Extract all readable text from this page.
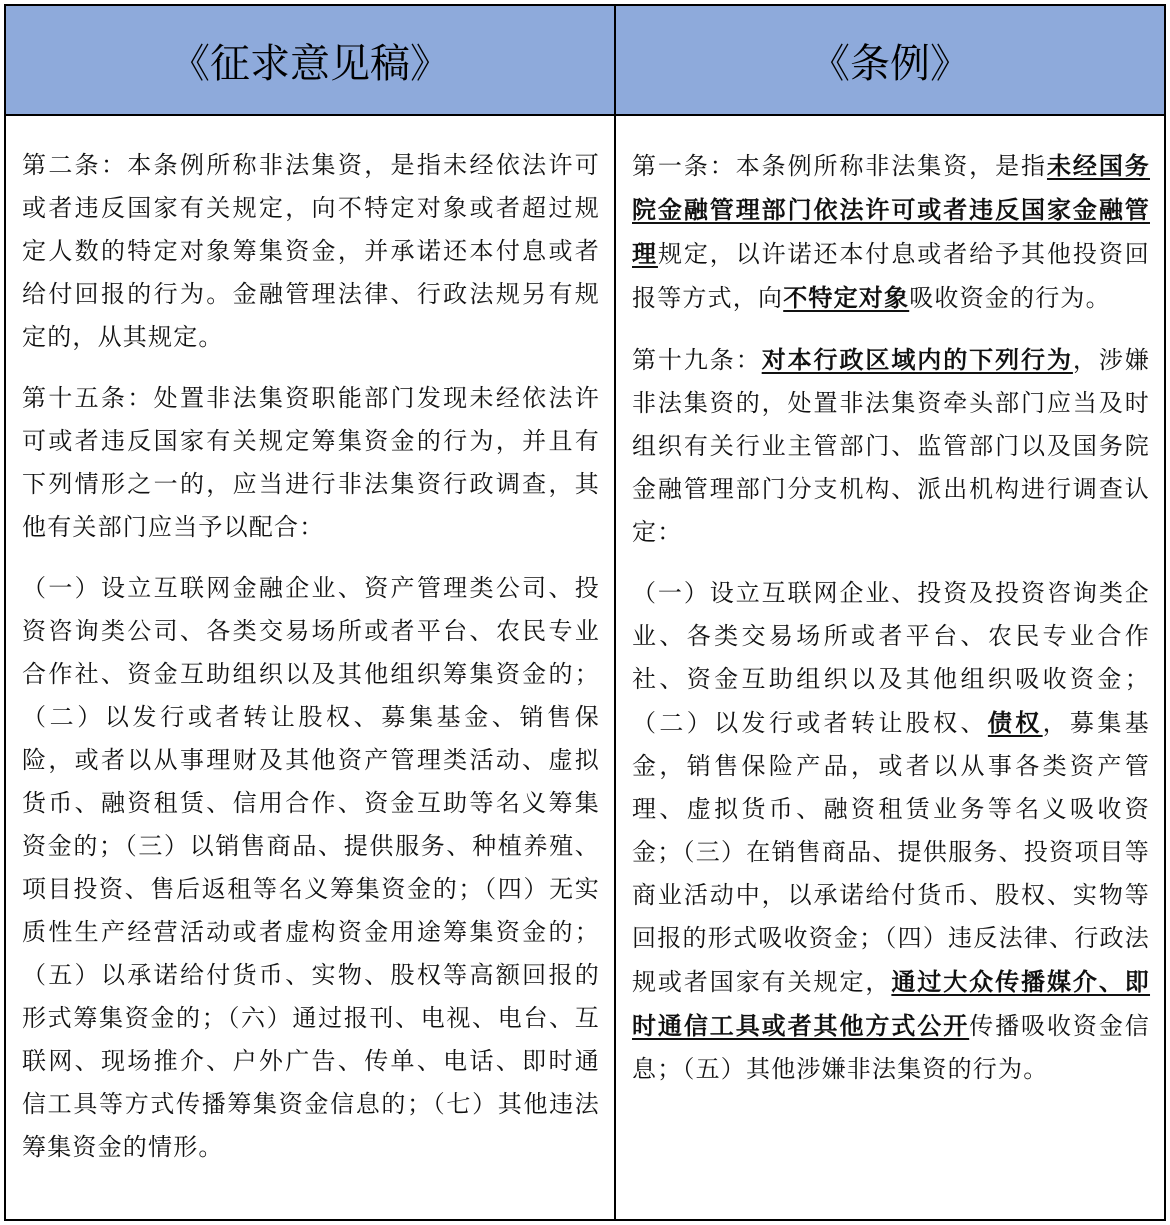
《征求意见稿》	《条例》

第二条：本条例所称非法集资，是指未经依法许可或者违反国家有关规定，向不特定对象或者超过规定人数的特定对象筹集资金，并承诺还本付息或者给付回报的行为。金融管理法律、行政法规另有规定的，从其规定。

第十五条：处置非法集资职能部门发现未经依法许可或者违反国家有关规定筹集资金的行为，并且有下列情形之一的，应当进行非法集资行政调查，其他有关部门应当予以配合：

（一）设立互联网金融企业、资产管理类公司、投资咨询类公司、各类交易场所或者平台、农民专业合作社、资金互助组织以及其他组织筹集资金的；（二）以发行或者转让股权、募集基金、销售保险，或者以从事理财及其他资产管理类活动、虚拟货币、融资租赁、信用合作、资金互助等名义筹集资金的；（三）以销售商品、提供服务、种植养殖、项目投资、售后返租等名义筹集资金的；（四）无实质性生产经营活动或者虚构资金用途筹集资金的；（五）以承诺给付货币、实物、股权等高额回报的形式筹集资金的；（六）通过报刊、电视、电台、互联网、现场推介、户外广告、传单、电话、即时通信工具等方式传播筹集资金信息的；（七）其他违法筹集资金的情形。

第一条：本条例所称非法集资，是指未经国务院金融管理部门依法许可或者违反国家金融管理规定，以许诺还本付息或者给予其他投资回报等方式，向不特定对象吸收资金的行为。

第十九条：对本行政区域内的下列行为，涉嫌非法集资的，处置非法集资牵头部门应当及时组织有关行业主管部门、监管部门以及国务院金融管理部门分支机构、派出机构进行调查认定：

（一）设立互联网企业、投资及投资咨询类企业、各类交易场所或者平台、农民专业合作社、资金互助组织以及其他组织吸收资金；（二）以发行或者转让股权、债权，募集基金，销售保险产品，或者以从事各类资产管理、虚拟货币、融资租赁业务等名义吸收资金；（三）在销售商品、提供服务、投资项目等商业活动中，以承诺给付货币、股权、实物等回报的形式吸收资金；（四）违反法律、行政法规或者国家有关规定，通过大众传播媒介、即时通信工具或者其他方式公开传播吸收资金信息；（五）其他涉嫌非法集资的行为。
